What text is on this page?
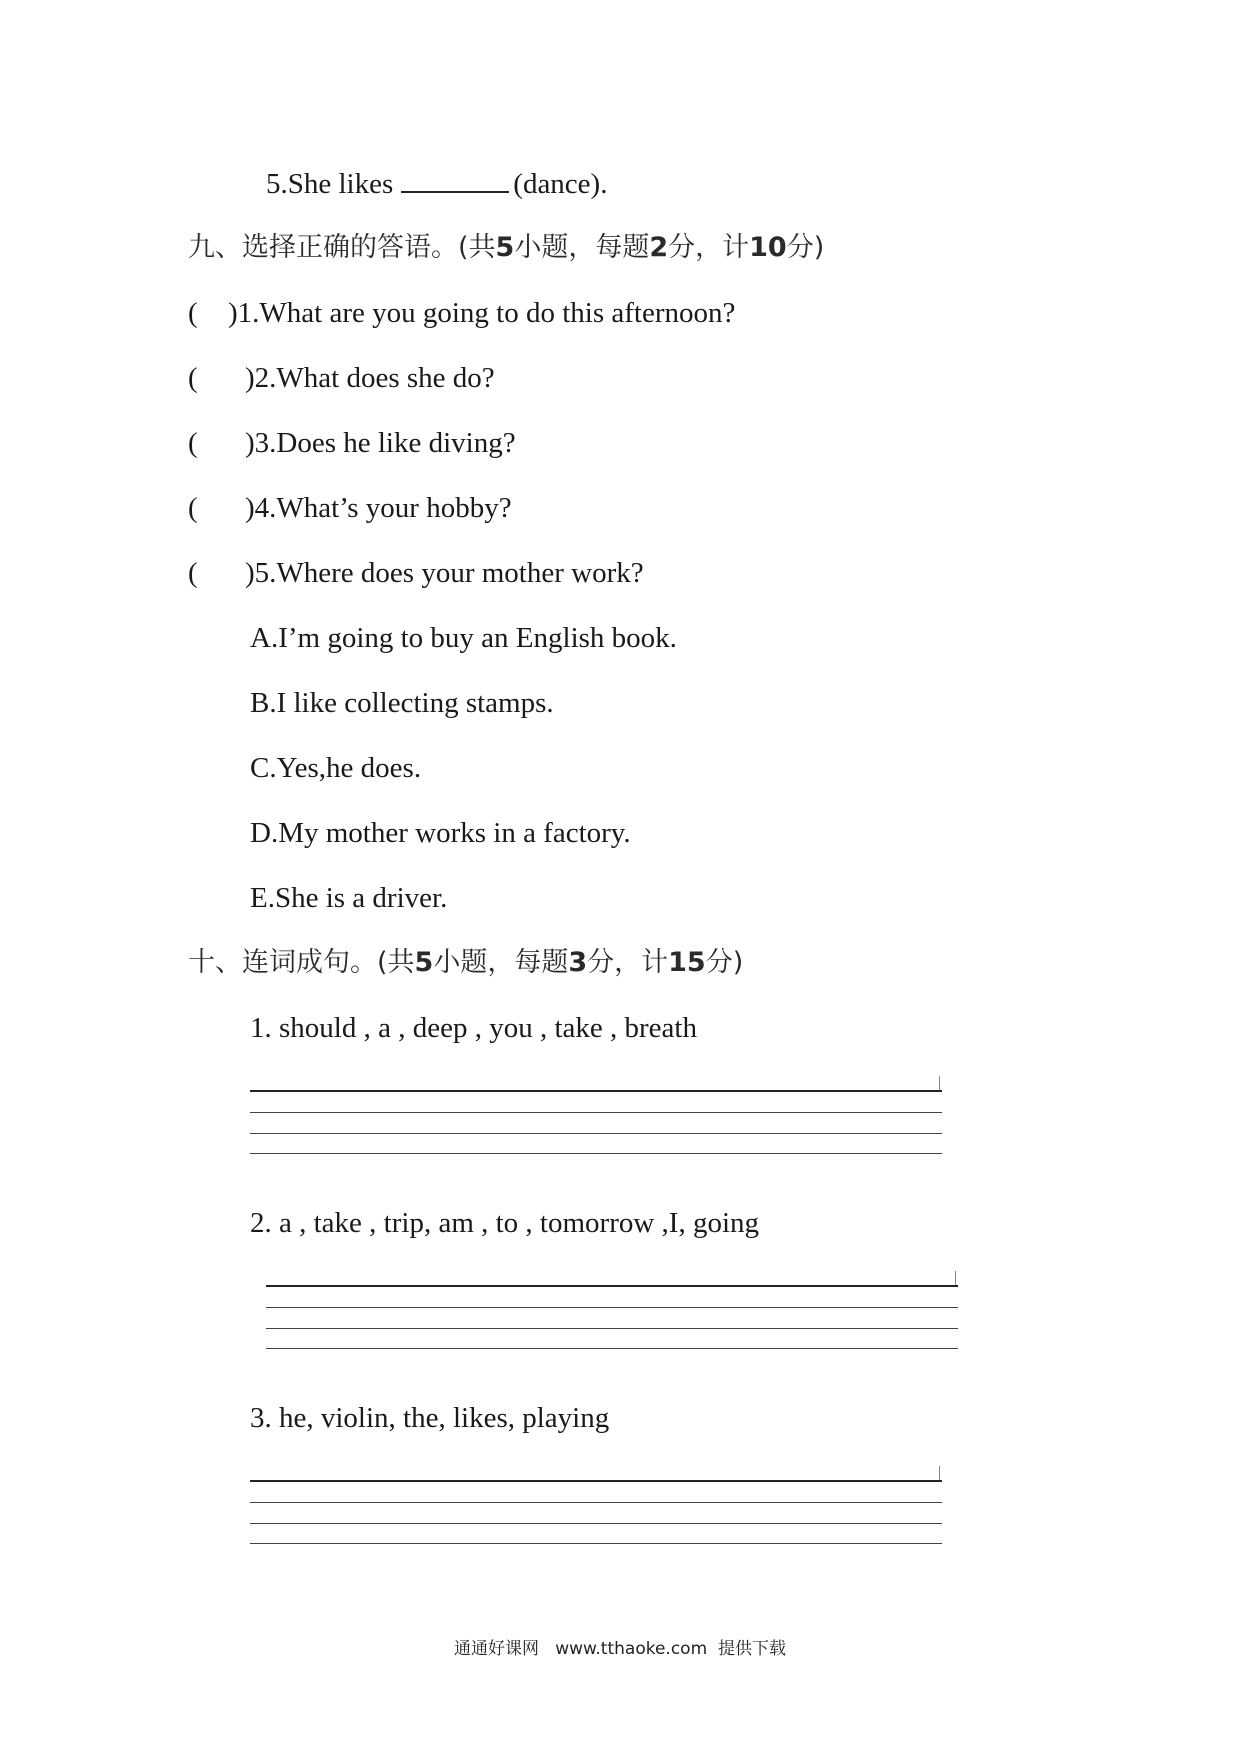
5.She likes	(dance).
九、选择正确的答语。(共5小题，每题2分，计10分)
( )1.What are you going to do this afternoon?
( )2.What does she do?
( )3.Does he like diving?
( )4.What’s your hobby?
( )5.Where does your mother work?
A.I’m going to buy an English book.
B.I like collecting stamps.
C.Yes,he does.
D.My mother works in a factory.
E.She is a driver.
十、连词成句。(共5小题，每题3分，计15分)
1. should , a , deep , you , take , breath
2. a , take , trip, am , to , tomorrow ,I, going
3. he, violin, the, likes, playing
通通好课网 www.tthaoke.com 提供下载
